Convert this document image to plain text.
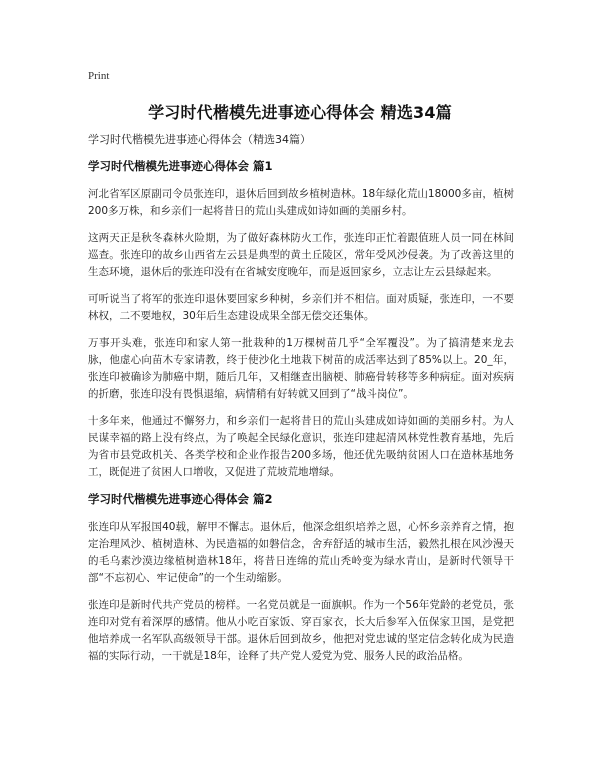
Print
学习时代楷模先进事迹心得体会 精选34篇
学习时代楷模先进事迹心得体会（精选34篇）
学习时代楷模先进事迹心得体会 篇1

河北省军区原副司令员张连印，退休后回到故乡植树造林。18年绿化荒山18000多亩，植树200多万株，和乡亲们一起将昔日的荒山头建成如诗如画的美丽乡村。

这两天正是秋冬森林火险期，为了做好森林防火工作，张连印正忙着跟值班人员一同在林间巡查。张连印的故乡山西省左云县是典型的黄土丘陵区，常年受风沙侵袭。为了改善这里的生态环境，退休后的张连印没有在省城安度晚年，而是返回家乡，立志让左云县绿起来。

可听说当了将军的张连印退休要回家乡种树，乡亲们并不相信。面对质疑，张连印，一不要林权，二不要地权，30年后生态建设成果全部无偿交还集体。

万事开头难，张连印和家人第一批栽种的1万棵树苗几乎“全军覆没”。为了搞清楚来龙去脉，他虚心向苗木专家请教，终于使沙化土地栽下树苗的成活率达到了85%以上。20_年，张连印被确诊为肺癌中期，随后几年，又相继查出脑梗、肺癌骨转移等多种病症。面对疾病的折磨，张连印没有畏惧退缩，病情稍有好转就又回到了“战斗岗位”。

十多年来，他通过不懈努力，和乡亲们一起将昔日的荒山头建成如诗如画的美丽乡村。为人民谋幸福的路上没有终点，为了唤起全民绿化意识，张连印建起清风林党性教育基地，先后为省市县党政机关、各类学校和企业作报告200多场，他还优先吸纳贫困人口在造林基地务工，既促进了贫困人口增收，又促进了荒坡荒地增绿。

学习时代楷模先进事迹心得体会 篇2

张连印从军报国40载，解甲不懈志。退休后，他深念组织培养之恩，心怀乡亲养育之情，抱定治理风沙、植树造林、为民造福的如磐信念，舍弃舒适的城市生活，毅然扎根在风沙漫天的毛乌素沙漠边缘植树造林18年，将昔日连绵的荒山秃岭变为绿水青山，是新时代领导干部“不忘初心、牢记使命”的一个生动缩影。

张连印是新时代共产党员的榜样。一名党员就是一面旗帜。作为一个56年党龄的老党员，张连印对党有着深厚的感情。他从小吃百家饭、穿百家衣，长大后参军入伍保家卫国，是党把他培养成一名军队高级领导干部。退休后回到故乡，他把对党忠诚的坚定信念转化成为民造福的实际行动，一干就是18年，诠释了共产党人爱党为党、服务人民的政治品格。
